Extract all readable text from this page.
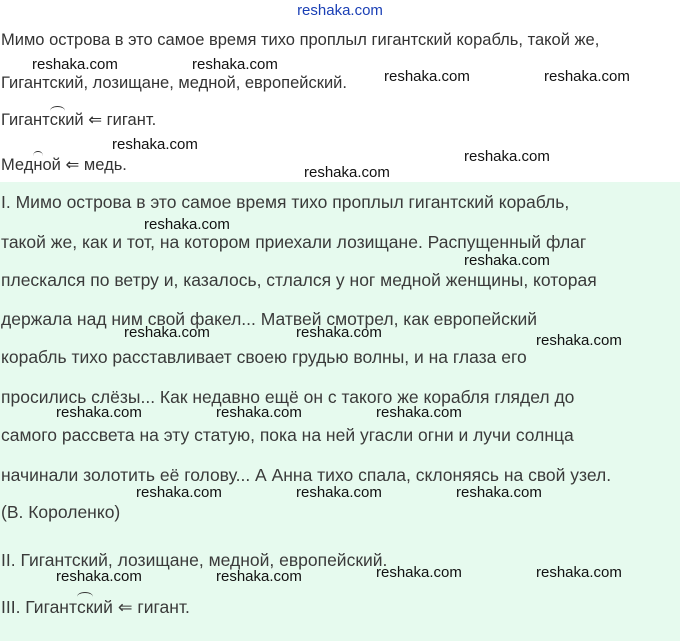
reshaka.com
Мимо острова в это самое время тихо проплыл гигантский корабль, такой же,
Гигантский, лозищане, медной, европейский.
Гигантский ⇐ гигант.
Медной ⇐ медь.
I. Мимо острова в это самое время тихо проплыл гигантский корабль,
такой же, как и тот, на котором приехали лозищане. Распущенный флаг
плескался по ветру и, казалось, стлался у ног медной женщины, которая
держала над ним свой факел... Матвей смотрел, как европейский
корабль тихо расставливает своею грудью волны, и на глаза его
просились слёзы... Как недавно ещё он с такого же корабля глядел до
самого рассвета на эту статую, пока на ней угасли огни и лучи солнца
начинали золотить её голову... А Анна тихо спала, склоняясь на свой узел.
(В. Короленко)
II. Гигантский, лозищане, медной, европейский.
III. Гигантский ⇐ гигант.
reshaka.com	reshaka.com
reshaka.com	reshaka.com
reshaka.com
reshaka.com
reshaka.com
reshaka.com
reshaka.com
reshaka.com	reshaka.com	reshaka.com
reshaka.com	reshaka.com	reshaka.com
reshaka.com	reshaka.com	reshaka.com
reshaka.com	reshaka.com	reshaka.com	reshaka.com
